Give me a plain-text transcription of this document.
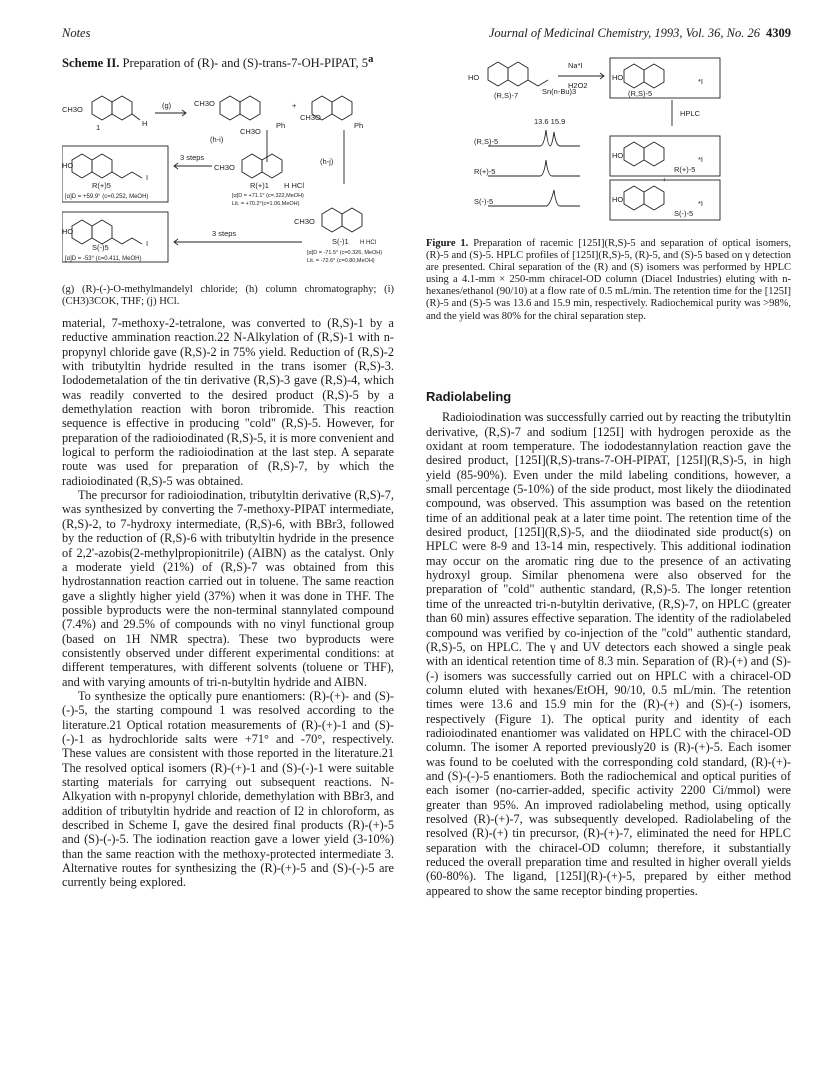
Notes	Journal of Medicinal Chemistry, 1993, Vol. 36, No. 26 4309
Scheme II. Preparation of (R)- and (S)-trans-7-OH-PIPAT, 5$^a$
CH3O
1	H
(g)	CH3O	+
CH3O
CH3O
Ph	Ph
(h-i)
(h-j)
3 steps
HO
I
R(+)5
[α]D = +59.9° (c=0.252, MeOH)
CH3O
R(+)1 H HCl
[α]D = +71.1° (c=.322,MeOH)
Lit. = +70.2°(c=1.06,MeOH)
CH3O
3 steps
HO
I
S(-)5
[α]D = -53° (c=0.411, MeOH)
S(-)1 H HCl
[α]D = -71.5° (c=0.326, MeOH)
Lit. = -72.6° (c=0.80,MeOH)
(g) (R)-(-)-O-methylmandelyl chloride; (h) column chromatography; (i) (CH3)3COK, THF; (j) HCl.

material, 7-methoxy-2-tetralone, was converted to (R,S)-1 by a reductive ammination reaction.22 N-Alkylation of (R,S)-1 with n-propynyl chloride gave (R,S)-2 in 75% yield. Reduction of (R,S)-2 with tributyltin hydride resulted in the trans isomer (R,S)-3. Iododemetalation of the tin derivative (R,S)-3 gave (R,S)-4, which was readily converted to the desired product (R,S)-5 by a demethylation reaction with boron tribromide. This reaction sequence is effective in producing "cold" (R,S)-5. However, for preparation of the radioiodinated (R,S)-5, it is more convenient and logical to perform the radioiodination at the last step. A separate route was used for preparation of (R,S)-7, by which the radioiodinated (R,S)-5 was obtained.

The precursor for radioiodination, tributyltin derivative (R,S)-7, was synthesized by converting the 7-methoxy-PIPAT intermediate, (R,S)-2, to 7-hydroxy intermediate, (R,S)-6, with BBr3, followed by the reduction of (R,S)-6 with tributyltin hydride in the presence of 2,2'-azobis(2-methylpropionitrile) (AIBN) as the catalyst. Only a moderate yield (21%) of (R,S)-7 was obtained from this hydrostannation reaction carried out in toluene. The same reaction gave a slightly higher yield (37%) when it was done in THF. The possible byproducts were the non-terminal stannylated compound (7.4%) and 29.5% of compounds with no vinyl functional group (based on 1H NMR spectra). These two byproducts were consistently observed under different experimental conditions: at different temperatures, with different solvents (toluene or THF), and with varying amounts of tri-n-butyltin hydride and AIBN.

To synthesize the optically pure enantiomers: (R)-(+)- and (S)-(-)-5, the starting compound 1 was resolved according to the literature.21 Optical rotation measurements of (R)-(+)-1 and (S)-(-)-1 as hydrochloride salts were +71° and -70°, respectively. These values are consistent with those reported in the literature.21 The resolved optical isomers (R)-(+)-1 and (S)-(-)-1 were suitable starting materials for carrying out subsequent reactions. N-Alkyation with n-propynyl chloride, demethylation with BBr3, and addition of tributyltin hydride and reaction of I2 in chloroform, as described in Scheme I, gave the desired final products (R)-(+)-5 and (S)-(-)-5. The iodination reaction gave a lower yield (3-10%) than the same reaction with the methoxy-protected intermediate 3. Alternative routes for synthesizing the (R)-(+)-5 and (S)-(-)-5 are currently being explored.

HO
(R,S)-7	Sn(n-Bu)3
Na*I
H2O2
HO
(R,S)-5
*I
HPLC
13.6 15.9
(R,S)-5
R(+)-5
S(-)-5
HO
R(+)-5
*I
+
HO
S(-)-5
*I
Figure 1. Preparation of racemic [125I](R,S)-5 and separation of optical isomers, (R)-5 and (S)-5. HPLC profiles of [125I](R,S)-5, (R)-5, and (S)-5 based on γ detection are presented. Chiral separation of the (R) and (S) isomers was performed by HPLC using a 4.1-mm × 250-mm chiracel-OD column (Diacel Industries) eluting with n-hexanes/ethanol (90/10) at a flow rate of 0.5 mL/min. The retention time for the [125I](R)-5 and (S)-5 was 13.6 and 15.9 min, respectively. Radiochemical purity was >98%, and the yield was 80% for the chiral separation step.
Radiolabeling

Radioiodination was successfully carried out by reacting the tributyltin derivative, (R,S)-7 and sodium [125I] with hydrogen peroxide as the oxidant at room temperature. The iododestannylation reaction gave the desired product, [125I](R,S)-trans-7-OH-PIPAT, [125I](R,S)-5, in high yield (85-90%). Even under the mild labeling conditions, however, a small percentage (5-10%) of the side product, most likely the diiodinated compound, was observed. This assumption was based on the retention time of an additional peak at a later time point. The retention time of the desired product, [125I](R,S)-5, and the diiodinated side product(s) on HPLC were 8-9 and 13-14 min, respectively. This additional iodination may occur on the aromatic ring due to the presence of an activating hydroxyl group. Similar phenomena were also observed for the preparation of "cold" authentic standard, (R,S)-5. The longer retention time of the unreacted tri-n-butyltin derivative, (R,S)-7, on HPLC (greater than 60 min) assures effective separation. The identity of the radiolabeled compound was verified by co-injection of the "cold" authentic standard, (R,S)-5, on HPLC. The γ and UV detectors each showed a single peak with an identical retention time of 8.3 min. Separation of (R)-(+) and (S)-(-) isomers was successfully carried out on HPLC with a chiracel-OD column eluted with hexanes/EtOH, 90/10, 0.5 mL/min. The retention times were 13.6 and 15.9 min for the (R)-(+) and (S)-(-) isomers, respectively (Figure 1). The optical purity and identity of each radioiodinated enantiomer was validated on HPLC with the chiracel-OD column. The isomer A reported previously20 is (R)-(+)-5. Each isomer was found to be coeluted with the corresponding cold standard, (R)-(+)- and (S)-(-)-5 enantiomers. Both the radiochemical and optical purities of each isomer (no-carrier-added, specific activity 2200 Ci/mmol) were greater than 95%. An improved radiolabeling method, using optically resolved (R)-(+)-7, was subsequently developed. Radiolabeling of the resolved (R)-(+) tin precursor, (R)-(+)-7, eliminated the need for HPLC separation with the chiracel-OD column; therefore, it substantially reduced the overall preparation time and resulted in higher overall yields (60-80%). The ligand, [125I](R)-(+)-5, prepared by either method appeared to show the same receptor binding properties.
